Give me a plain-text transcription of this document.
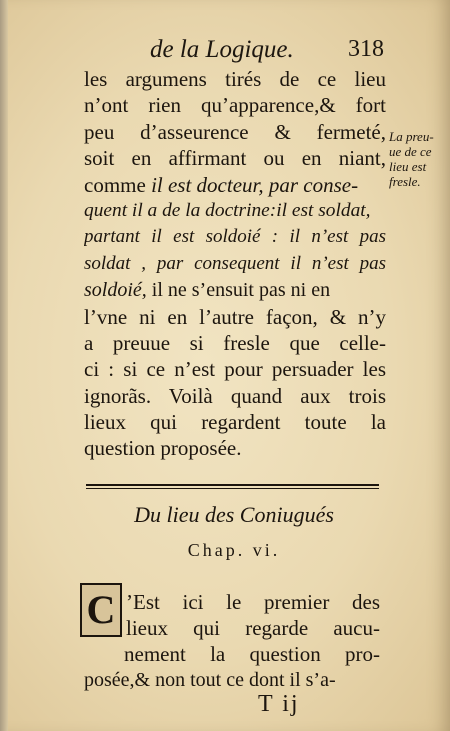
de la Logique. 318
les argumens tirés de ce lieu
n’ont rien qu’apparence,& fort
peu d’asseurence & fermeté,
soit en affirmant ou en niant,
comme il est docteur, par conse-
quent il a de la doctrine:il est soldat,
partant il est soldoié : il n’est pas
soldat , par consequent il n’est pas
soldoié, il ne s’ensuit pas ni en
l’vne ni en l’autre façon, & n’y
a preuue si fresle que celle-
ci : si ce n’est pour persuader les
ignorãs. Voilà quand aux trois
lieux qui regardent toute la
question proposée.
La preu-
ue de ce
lieu est
fresle.
Du lieu des Coniugués
Chap. vi.
C ’Est ici le premier des
lieux qui regarde aucu-
nement la question pro-
posée,& non tout ce dont il s’a-
T ij
